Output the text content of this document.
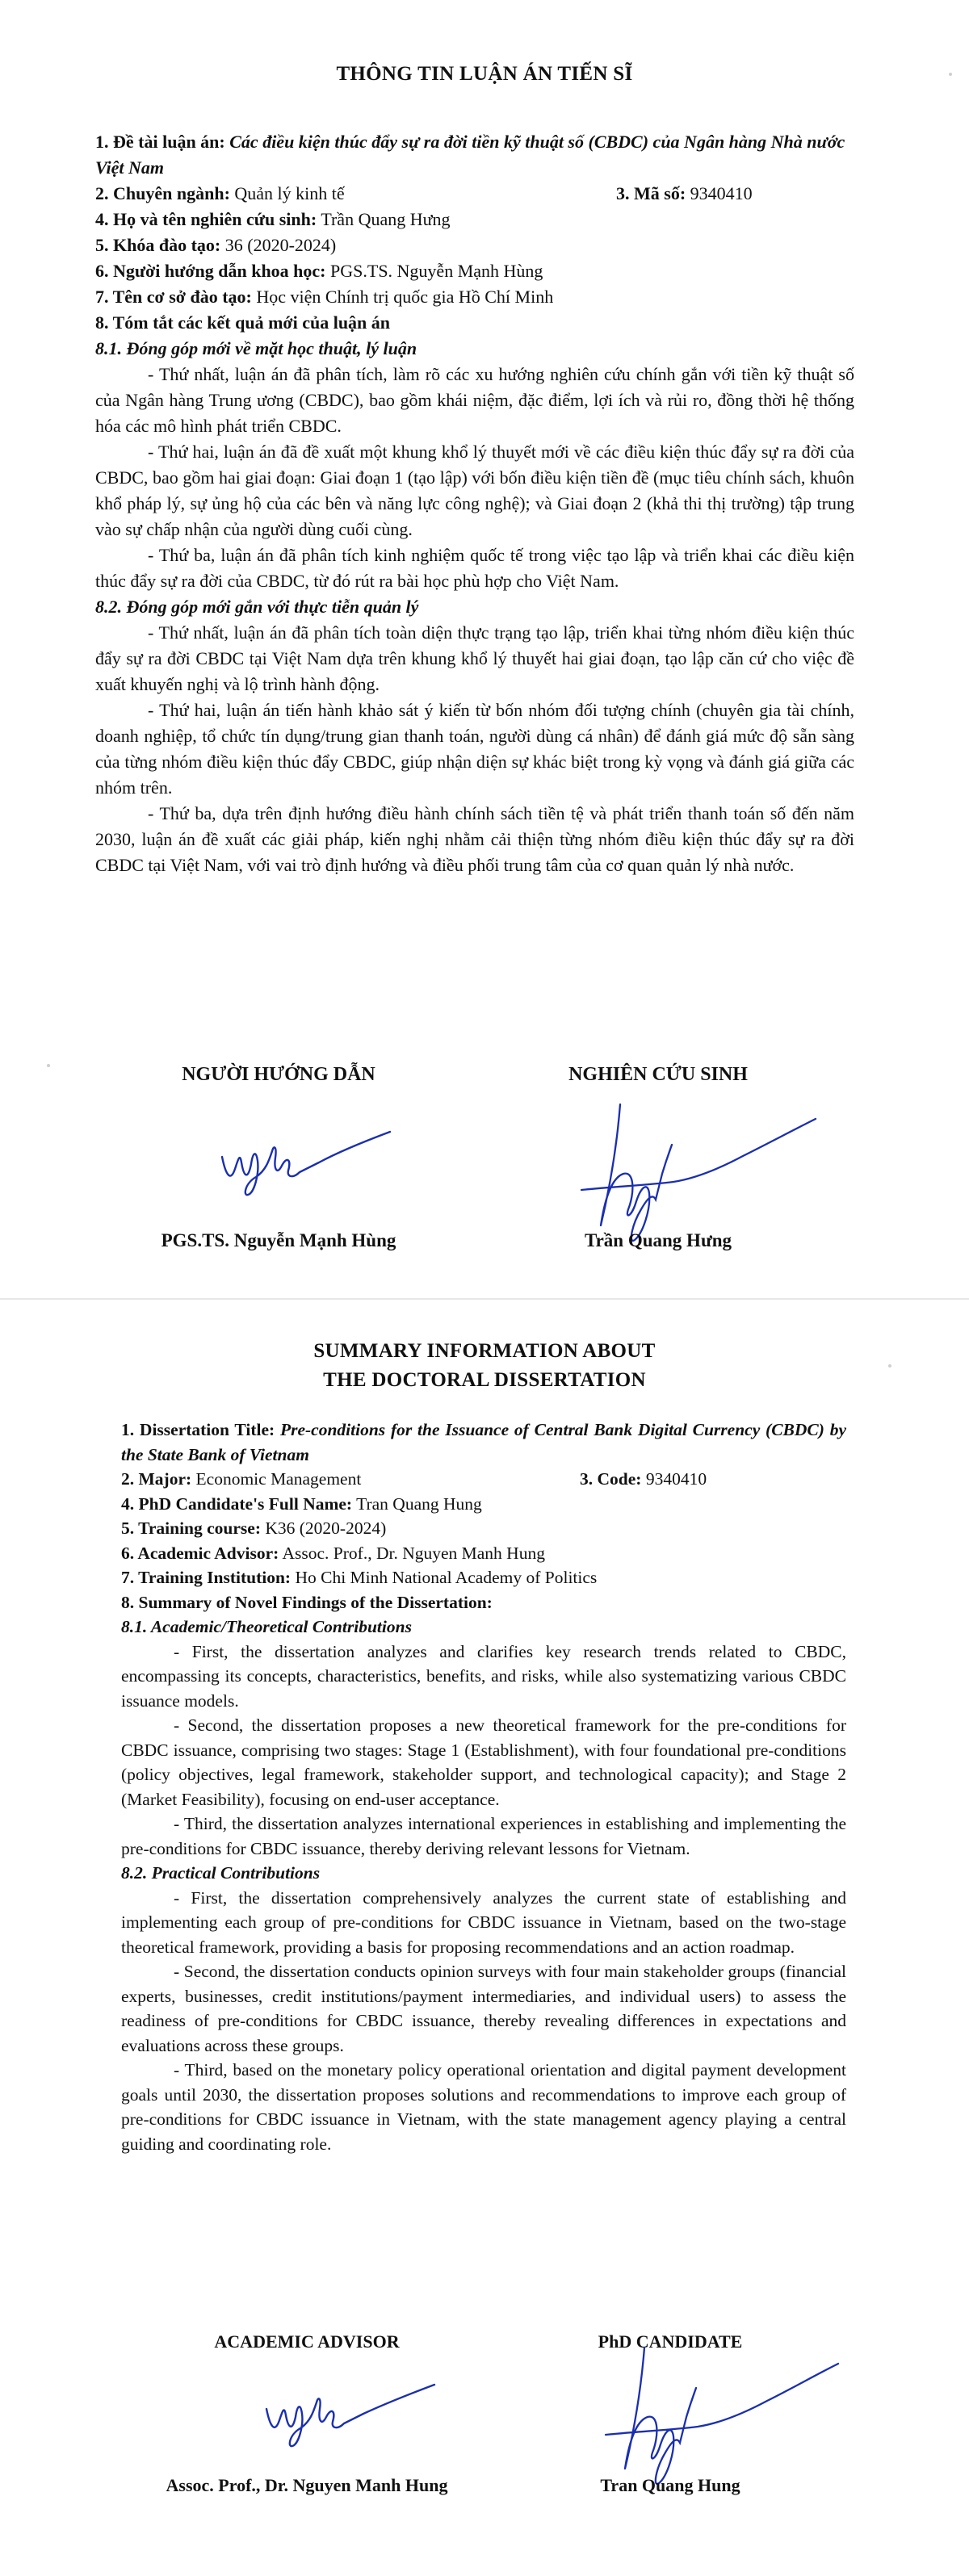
THÔNG TIN LUẬN ÁN TIẾN SĨ

1. Đề tài luận án: Các điều kiện thúc đẩy sự ra đời tiền kỹ thuật số (CBDC) của Ngân hàng Nhà nước Việt Nam

2. Chuyên ngành: Quản lý kinh tế	3. Mã số: 9340410

4. Họ và tên nghiên cứu sinh: Trần Quang Hưng

5. Khóa đào tạo: 36 (2020-2024)

6. Người hướng dẫn khoa học: PGS.TS. Nguyễn Mạnh Hùng

7. Tên cơ sở đào tạo: Học viện Chính trị quốc gia Hồ Chí Minh

8. Tóm tắt các kết quả mới của luận án

8.1. Đóng góp mới về mặt học thuật, lý luận

- Thứ nhất, luận án đã phân tích, làm rõ các xu hướng nghiên cứu chính gắn với tiền kỹ thuật số của Ngân hàng Trung ương (CBDC), bao gồm khái niệm, đặc điểm, lợi ích và rủi ro, đồng thời hệ thống hóa các mô hình phát triển CBDC.

- Thứ hai, luận án đã đề xuất một khung khổ lý thuyết mới về các điều kiện thúc đẩy sự ra đời của CBDC, bao gồm hai giai đoạn: Giai đoạn 1 (tạo lập) với bốn điều kiện tiền đề (mục tiêu chính sách, khuôn khổ pháp lý, sự ủng hộ của các bên và năng lực công nghệ); và Giai đoạn 2 (khả thi thị trường) tập trung vào sự chấp nhận của người dùng cuối cùng.

- Thứ ba, luận án đã phân tích kinh nghiệm quốc tế trong việc tạo lập và triển khai các điều kiện thúc đẩy sự ra đời của CBDC, từ đó rút ra bài học phù hợp cho Việt Nam.

8.2. Đóng góp mới gắn với thực tiễn quản lý

- Thứ nhất, luận án đã phân tích toàn diện thực trạng tạo lập, triển khai từng nhóm điều kiện thúc đẩy sự ra đời CBDC tại Việt Nam dựa trên khung khổ lý thuyết hai giai đoạn, tạo lập căn cứ cho việc đề xuất khuyến nghị và lộ trình hành động.

- Thứ hai, luận án tiến hành khảo sát ý kiến từ bốn nhóm đối tượng chính (chuyên gia tài chính, doanh nghiệp, tổ chức tín dụng/trung gian thanh toán, người dùng cá nhân) để đánh giá mức độ sẵn sàng của từng nhóm điều kiện thúc đẩy CBDC, giúp nhận diện sự khác biệt trong kỳ vọng và đánh giá giữa các nhóm trên.

- Thứ ba, dựa trên định hướng điều hành chính sách tiền tệ và phát triển thanh toán số đến năm 2030, luận án đề xuất các giải pháp, kiến nghị nhằm cải thiện từng nhóm điều kiện thúc đẩy sự ra đời CBDC tại Việt Nam, với vai trò định hướng và điều phối trung tâm của cơ quan quản lý nhà nước.

NGƯỜI HƯỚNG DẪN

PGS.TS. Nguyễn Mạnh Hùng

NGHIÊN CỨU SINH

Trần Quang Hưng

SUMMARY INFORMATION ABOUT
THE DOCTORAL DISSERTATION

1. Dissertation Title: Pre-conditions for the Issuance of Central Bank Digital Currency (CBDC) by the State Bank of Vietnam

2. Major: Economic Management	3. Code: 9340410

4. PhD Candidate's Full Name: Tran Quang Hung

5. Training course: K36 (2020-2024)

6. Academic Advisor: Assoc. Prof., Dr. Nguyen Manh Hung

7. Training Institution: Ho Chi Minh National Academy of Politics

8. Summary of Novel Findings of the Dissertation:

8.1. Academic/Theoretical Contributions

- First, the dissertation analyzes and clarifies key research trends related to CBDC, encompassing its concepts, characteristics, benefits, and risks, while also systematizing various CBDC issuance models.

- Second, the dissertation proposes a new theoretical framework for the pre-conditions for CBDC issuance, comprising two stages: Stage 1 (Establishment), with four foundational pre-conditions (policy objectives, legal framework, stakeholder support, and technological capacity); and Stage 2 (Market Feasibility), focusing on end-user acceptance.

- Third, the dissertation analyzes international experiences in establishing and implementing the pre-conditions for CBDC issuance, thereby deriving relevant lessons for Vietnam.

8.2. Practical Contributions

- First, the dissertation comprehensively analyzes the current state of establishing and implementing each group of pre-conditions for CBDC issuance in Vietnam, based on the two-stage theoretical framework, providing a basis for proposing recommendations and an action roadmap.

- Second, the dissertation conducts opinion surveys with four main stakeholder groups (financial experts, businesses, credit institutions/payment intermediaries, and individual users) to assess the readiness of pre-conditions for CBDC issuance, thereby revealing differences in expectations and evaluations across these groups.

- Third, based on the monetary policy operational orientation and digital payment development goals until 2030, the dissertation proposes solutions and recommendations to improve each group of pre-conditions for CBDC issuance in Vietnam, with the state management agency playing a central guiding and coordinating role.

ACADEMIC ADVISOR

Assoc. Prof., Dr. Nguyen Manh Hung

PhD CANDIDATE

Tran Quang Hung
